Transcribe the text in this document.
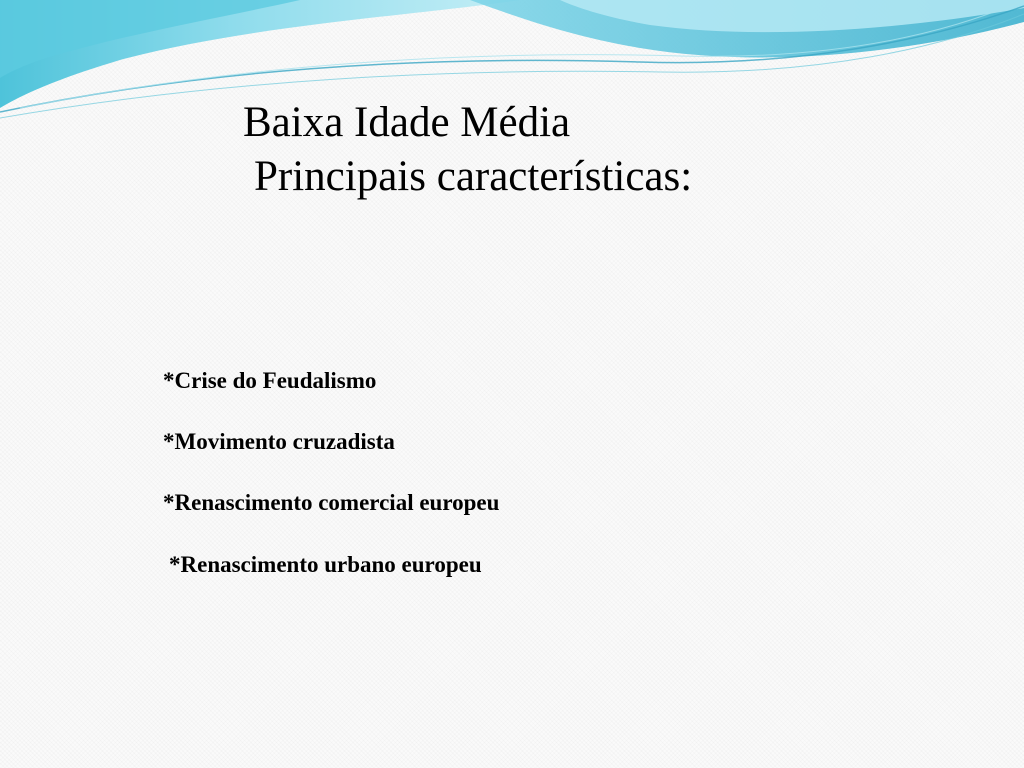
Baixa Idade Média
Principais características:
*Crise do Feudalismo
*Movimento cruzadista
*Renascimento comercial europeu
*Renascimento urbano europeu
